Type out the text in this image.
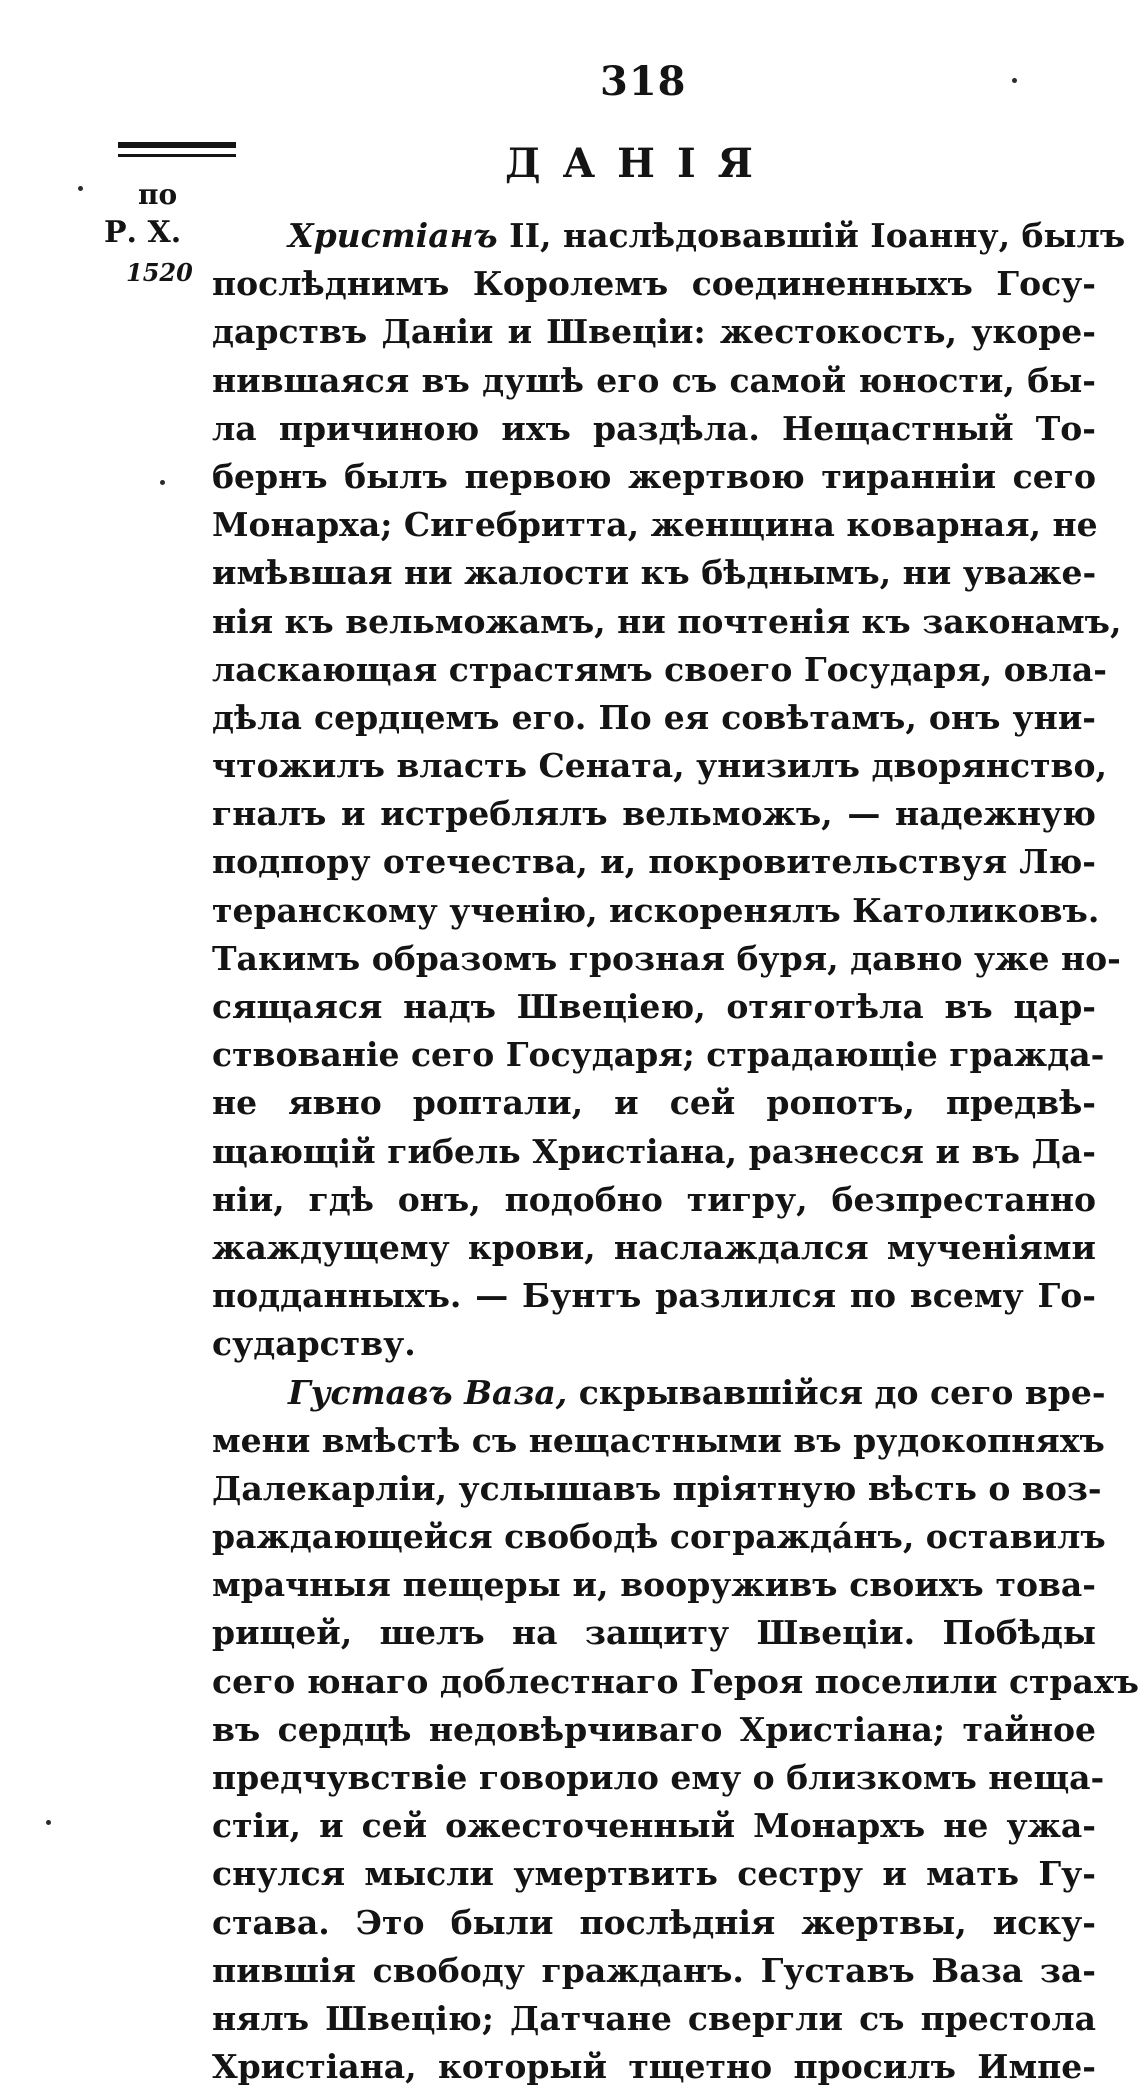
318
ДАНІЯ
по
Р. Х.
1520
Христіанъ II, наслѣдовавшій Іоанну, былъ
послѣднимъ Королемъ соединенныхъ Госу-
дарствъ Даніи и Швеціи: жестокость, укоре-
нившаяся въ душѣ его съ самой юности, бы-
ла причиною ихъ раздѣла. Нещастный То-
бернъ былъ первою жертвою тиранніи сего
Монарха; Сигебритта, женщина коварная, не
имѣвшая ни жалости къ бѣднымъ, ни уваже-
нія къ вельможамъ, ни почтенія къ законамъ,
ласкающая страстямъ своего Государя, овла-
дѣла сердцемъ его. По ея совѣтамъ, онъ уни-
чтожилъ власть Сената, унизилъ дворянство,
гналъ и истреблялъ вельможъ, — надежную
подпору отечества, и, покровительствуя Лю-
теранскому ученію, искоренялъ Католиковъ.
Такимъ образомъ грозная буря, давно уже но-
сящаяся надъ Швеціею, отяготѣла въ цар-
ствованіе сего Государя; страдающіе гражда-
не явно роптали, и сей ропотъ, предвѣ-
щающій гибель Христіана, разнесся и въ Да-
ніи, гдѣ онъ, подобно тигру, безпрестанно
жаждущему крови, наслаждался мученіями
подданныхъ. — Бунтъ разлился по всему Го-
сударству.
Густавъ Ваза, скрывавшійся до сего вре-
мени вмѣстѣ съ нещастными въ рудокопняхъ
Далекарліи, услышавъ пріятную вѣсть о воз-
раждающейся свободѣ сограждáнъ, оставилъ
мрачныя пещеры и, вооруживъ своихъ това-
рищей, шелъ на защиту Швеціи. Побѣды
сего юнаго доблестнаго Героя поселили страхъ
въ сердцѣ недовѣрчиваго Христіана; тайное
предчувствіе говорило ему о близкомъ неща-
стіи, и сей ожесточенный Монархъ не ужа-
снулся мысли умертвить сестру и мать Гу-
става. Это были послѣднія жертвы, иску-
пившія свободу гражданъ. Густавъ Ваза за-
нялъ Швецію; Датчане свергли съ престола
Христіана, который тщетно просилъ Импе-
